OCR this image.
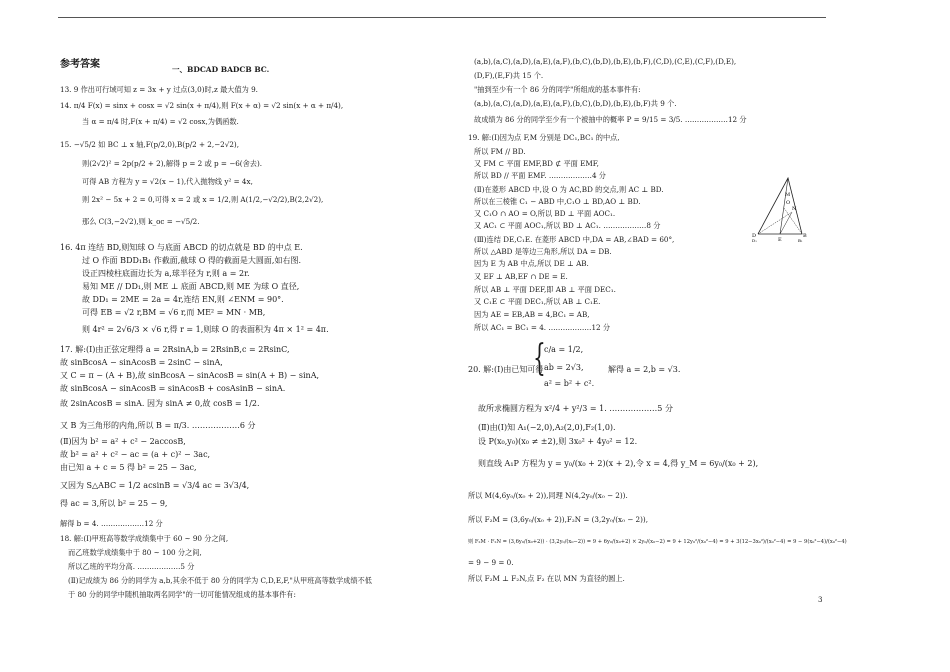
参考答案	一、BDCAD BADCB BC.
13. 9 作出可行域可知 z = 3x + y 过点(3,0)时,z 最大值为 9.
14. π/4 F(x) = sinx + cosx = √2 sin(x + π/4),则 F(x + α) = √2 sin(x + α + π/4),
当 α = π/4 时,F(x + π/4) = √2 cosx,为偶函数.
15. −√5/2 如 BC ⊥ x 轴,F(p/2,0),B(p/2 + 2,−2√2),
则(2√2)² = 2p(p/2 + 2),解得 p = 2 或 p = −6(舍去).
可得 AB 方程为 y = √2(x − 1),代入抛物线 y² = 4x,
则 2x² − 5x + 2 = 0,可得 x = 2 或 x = 1/2,则 A(1/2,−√2/2),B(2,2√2),
那么 C(3,−2√2),则 k_oc = −√5/2.
16. 4π 连结 BD,则知球 O 与底面 ABCD 的切点就是 BD 的中点 E.
过 O 作面 BDD₁B₁ 作截面,截球 O 得的截面是大圆面,如右图.
设正四棱柱底面边长为 a,球半径为 r,则 a = 2r.
易知 ME // DD₁,则 ME ⊥ 底面 ABCD,则 ME 为球 O 直径,
故 DD₁ = 2ME = 2a = 4r,连结 EN,则 ∠ENM = 90°.
可得 EB = √2 r,BM = √6 r,而 ME² = MN · MB,
则 4r² = 2√6/3 × √6 r,得 r = 1,则球 O 的表面积为 4π × 1² = 4π.
17. 解:(Ⅰ)由正弦定理得 a = 2RsinA,b = 2RsinB,c = 2RsinC,
故 sinBcosA − sinAcosB = 2sinC − sinA,
又 C = π − (A + B),故 sinBcosA − sinAcosB = sin(A + B) − sinA,
故 sinBcosA − sinAcosB = sinAcosB + cosAsinB − sinA.
故 2sinAcosB = sinA. 因为 sinA ≠ 0,故 cosB = 1/2.
又 B 为三角形的内角,所以 B = π/3. ………………6 分
(Ⅱ)因为 b² = a² + c² − 2accosB,
故 b² = a² + c² − ac = (a + c)² − 3ac,
由已知 a + c = 5 得 b² = 25 − 3ac,
又因为 S△ABC = 1/2 acsinB = √3/4 ac = 3√3/4,
得 ac = 3,所以 b² = 25 − 9,
解得 b = 4. ………………12 分
18. 解:(Ⅰ)甲班高等数学成绩集中于 60 ~ 90 分之间,
而乙班数学成绩集中于 80 ~ 100 分之间,
所以乙班的平均分高. ………………5 分
(Ⅱ)记成绩为 86 分的同学为 a,b,其余不低于 80 分的同学为 C,D,E,F,"从甲班高等数学成绩不低
于 80 分的同学中随机抽取两名同学"的一切可能情况组成的基本事件有:
(a,b),(a,C),(a,D),(a,E),(a,F),(b,C),(b,D),(b,E),(b,F),(C,D),(C,E),(C,F),(D,E),
(D,F),(E,F)共 15 个.
"抽到至少有一个 86 分的同学"所组成的基本事件有:
(a,b),(a,C),(a,D),(a,E),(a,F),(b,C),(b,D),(b,E),(b,F)共 9 个.
故成绩为 86 分的同学至少有一个被抽中的概率 P = 9/15 = 3/5. ………………12 分
19. 解:(Ⅰ)因为点 F,M 分别是 DC₁,BC₁ 的中点,
所以 FM // BD.
又 FM ⊂ 平面 EMF,BD ⊄ 平面 EMF,
所以 BD // 平面 EMF. ………………4 分
(Ⅱ)在菱形 ABCD 中,设 O 为 AC,BD 的交点,则 AC ⊥ BD.
所以在三棱锥 C₁ − ABD 中,C₁O ⊥ BD,AO ⊥ BD.
又 C₁O ∩ AO = O,所以 BD ⊥ 平面 AOC₁.
又 AC₁ ⊂ 平面 AOC₁,所以 BD ⊥ AC₁. ………………8 分
(Ⅲ)连结 DE,C₁E. 在菱形 ABCD 中,DA = AB,∠BAD = 60°,
所以 △ABD 是等边三角形,所以 DA = DB.
因为 E 为 AB 中点,所以 DE ⊥ AB.
又 EF ⊥ AB,EF ∩ DE = E.
所以 AB ⊥ 平面 DEF,即 AB ⊥ 平面 DEC₁.
又 C₁E ⊂ 平面 DEC₁,所以 AB ⊥ C₁E.
因为 AE = EB,AB = 4,BC₁ = AB,
所以 AC₁ = BC₁ = 4. ………………12 分
20. 解:(Ⅰ)由已知可得
{
c/a = 1/2,
ab = 2√3,
a² = b² + c².
解得 a = 2,b = √3.
故所求椭圆方程为 x²/4 + y²/3 = 1. ………………5 分
(Ⅱ)由(Ⅰ)知 A₁(−2,0),A₂(2,0),F₂(1,0).
设 P(x₀,y₀)(x₀ ≠ ±2),则 3x₀² + 4y₀² = 12.
则直线 A₁P 方程为 y = y₀/(x₀ + 2)(x + 2),令 x = 4,得 y_M = 6y₀/(x₀ + 2),
所以 M(4,6y₀/(x₀ + 2)),同理 N(4,2y₀/(x₀ − 2)).
所以 F₂M = (3,6y₀/(x₀ + 2)),F₂N = (3,2y₀/(x₀ − 2)),
则 F₂M · F₂N = (3,6y₀/(x₀+2)) · (3,2y₀/(x₀−2)) = 9 + 6y₀/(x₀+2) × 2y₀/(x₀−2) = 9 + 12y₀²/(x₀²−4) = 9 + 3(12−3x₀²)/(x₀²−4) = 9 − 9(x₀²−4)/(x₀²−4)
= 9 − 9 = 0.
所以 F₂M ⊥ F₂N,点 F₂ 在以 MN 为直径的圆上.
M
O
N
D
E
B
D₁	B₁
3
